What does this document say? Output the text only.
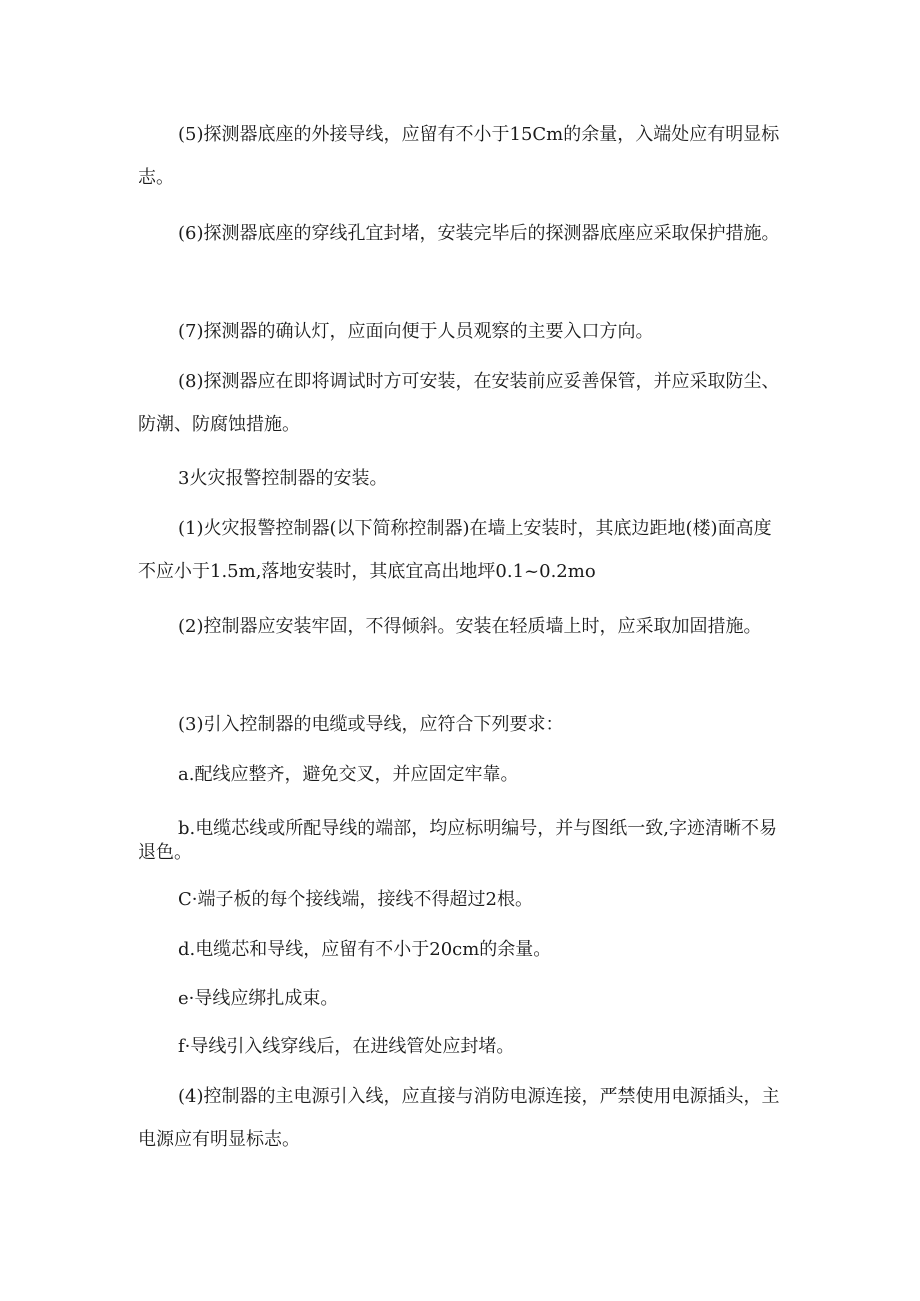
(5)探测器底座的外接导线，应留有不小于15Cm的余量，入端处应有明显标志。

(6)探测器底座的穿线孔宜封堵，安装完毕后的探测器底座应采取保护措施。

(7)探测器的确认灯，应面向便于人员观察的主要入口方向。

(8)探测器应在即将调试时方可安装，在安装前应妥善保管，并应采取防尘、防潮、防腐蚀措施。

3火灾报警控制器的安装。

(1)火灾报警控制器(以下简称控制器)在墙上安装时，其底边距地(楼)面高度不应小于1.5m,落地安装时，其底宜高出地坪0.1~0.2mo

(2)控制器应安装牢固，不得倾斜。安装在轻质墙上时，应采取加固措施。

(3)引入控制器的电缆或导线，应符合下列要求：

a.配线应整齐，避免交叉，并应固定牢靠。

b.电缆芯线或所配导线的端部，均应标明编号，并与图纸一致,字迹清晰不易退色。

C·端子板的每个接线端，接线不得超过2根。

d.电缆芯和导线，应留有不小于20cm的余量。

e·导线应绑扎成束。

f·导线引入线穿线后，在进线管处应封堵。

(4)控制器的主电源引入线，应直接与消防电源连接，严禁使用电源插头，主电源应有明显标志。
